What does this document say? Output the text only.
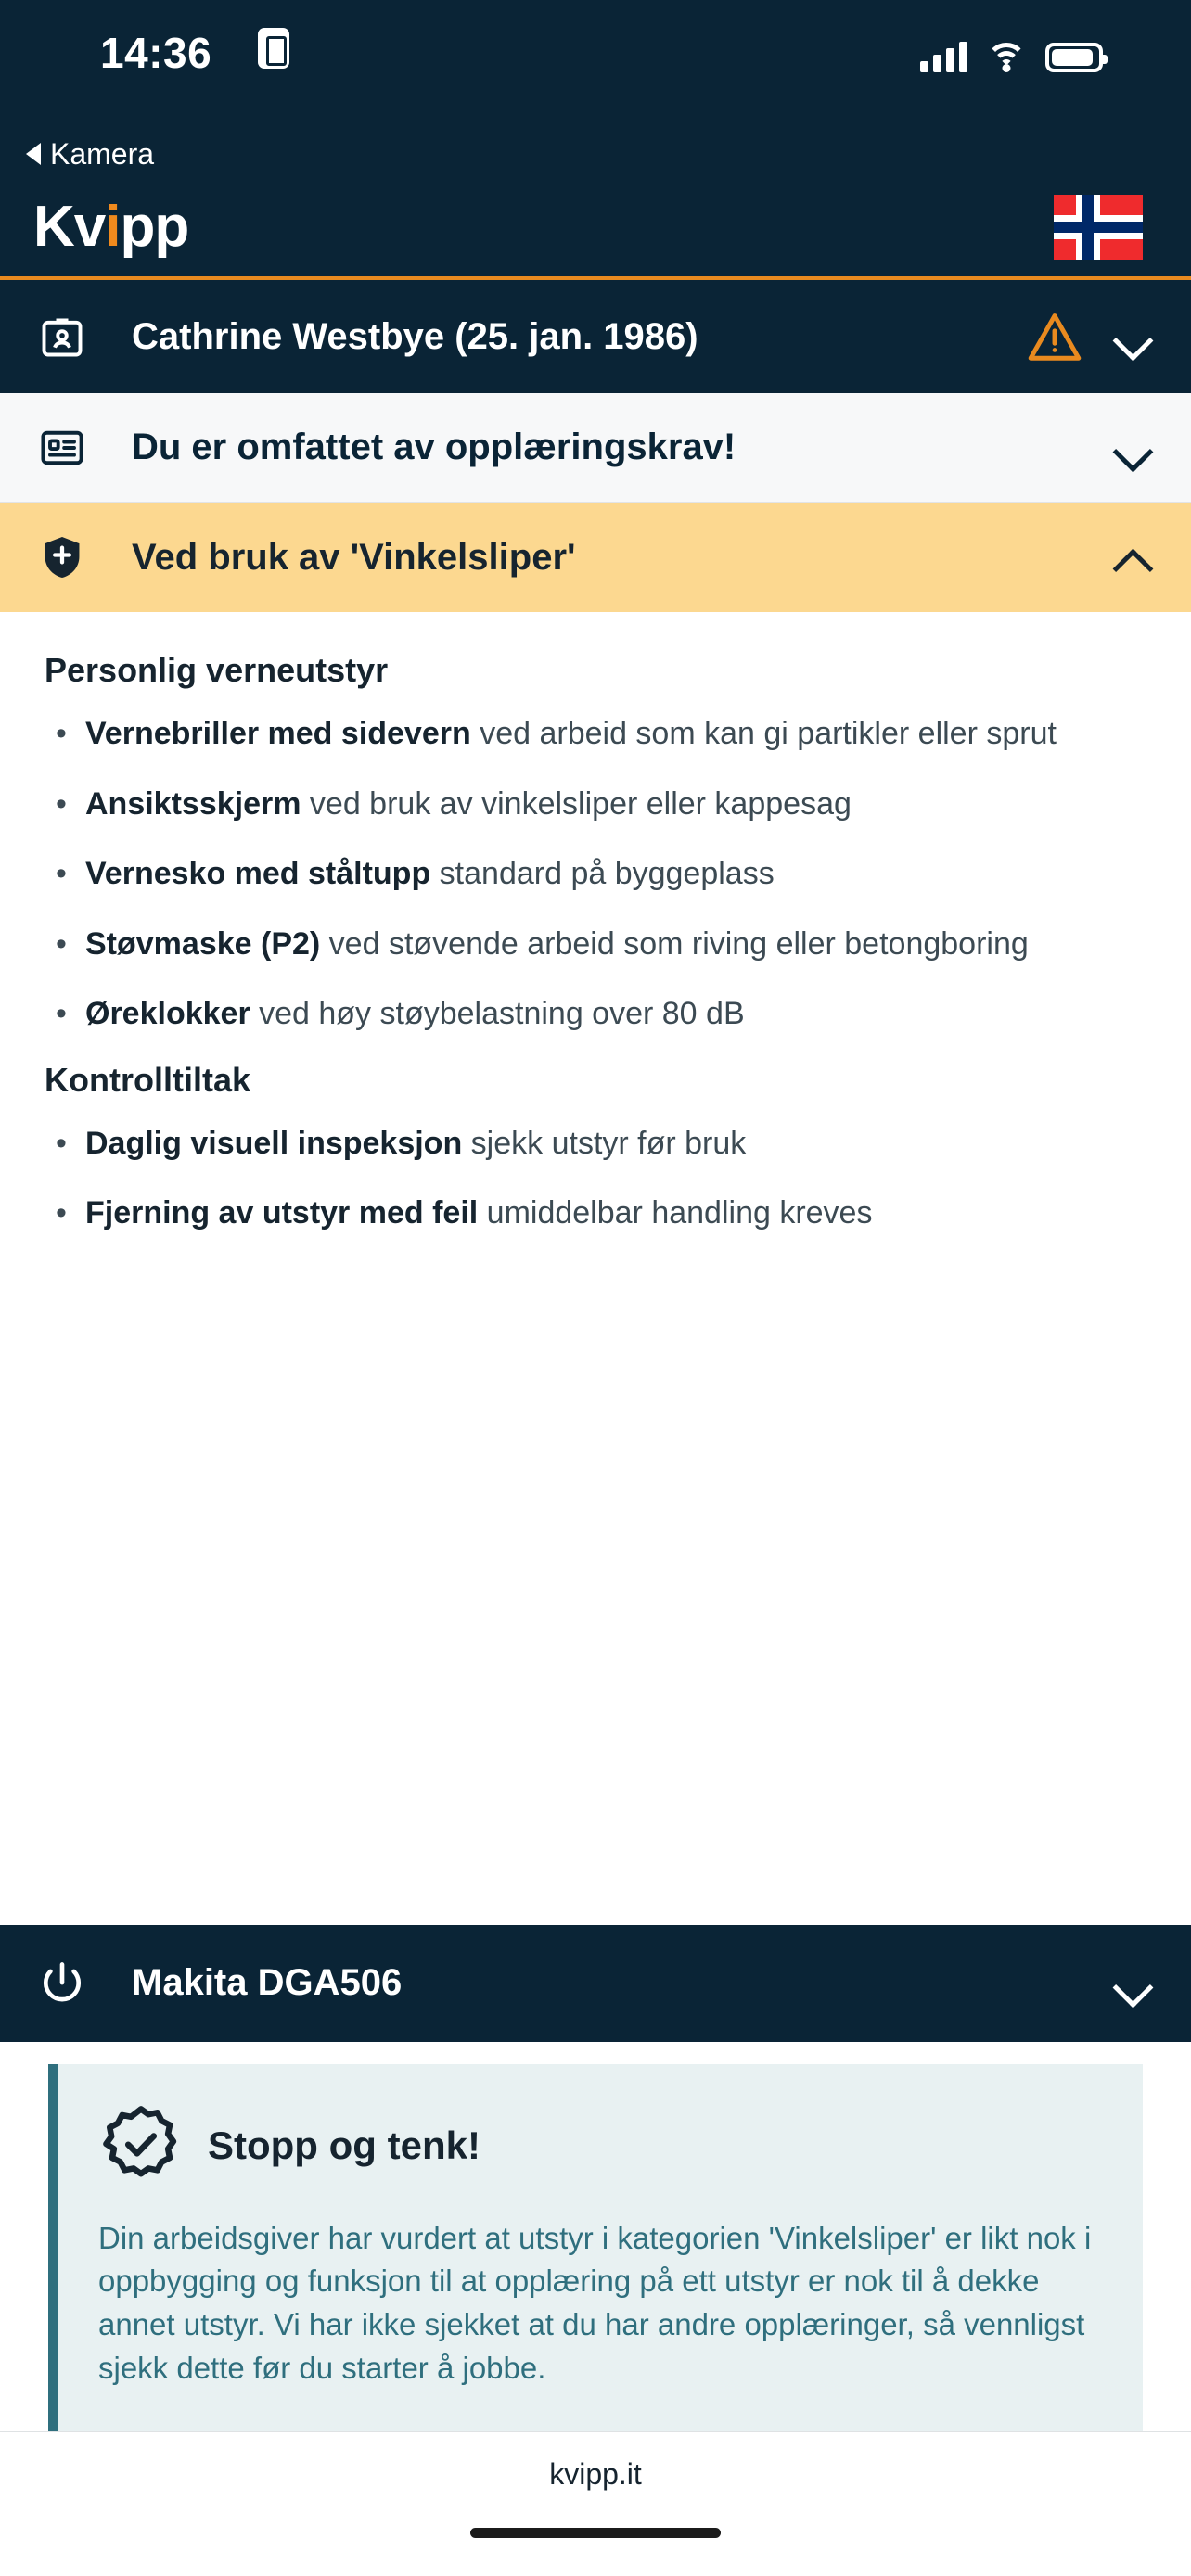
14:36
Kamera
Kvipp
Cathrine Westbye (25. jan. 1986)
Du er omfattet av opplæringskrav!
Ved bruk av 'Vinkelsliper'
Personlig verneutstyr
• Vernebriller med sidevern ved arbeid som kan gi partikler eller sprut
• Ansiktsskjerm ved bruk av vinkelsliper eller kappesag
• Vernesko med ståltupp standard på byggeplass
• Støvmaske (P2) ved støvende arbeid som riving eller betongboring
• Øreklokker ved høy støybelastning over 80 dB
Kontrolltiltak
• Daglig visuell inspeksjon sjekk utstyr før bruk
• Fjerning av utstyr med feil umiddelbar handling kreves
Makita DGA506
Stopp og tenk!
Din arbeidsgiver har vurdert at utstyr i kategorien 'Vinkelsliper' er likt nok i oppbygging og funksjon til at opplæring på ett utstyr er nok til å dekke annet utstyr. Vi har ikke sjekket at du har andre opplæringer, så vennligst sjekk dette før du starter å jobbe.
kvipp.it
